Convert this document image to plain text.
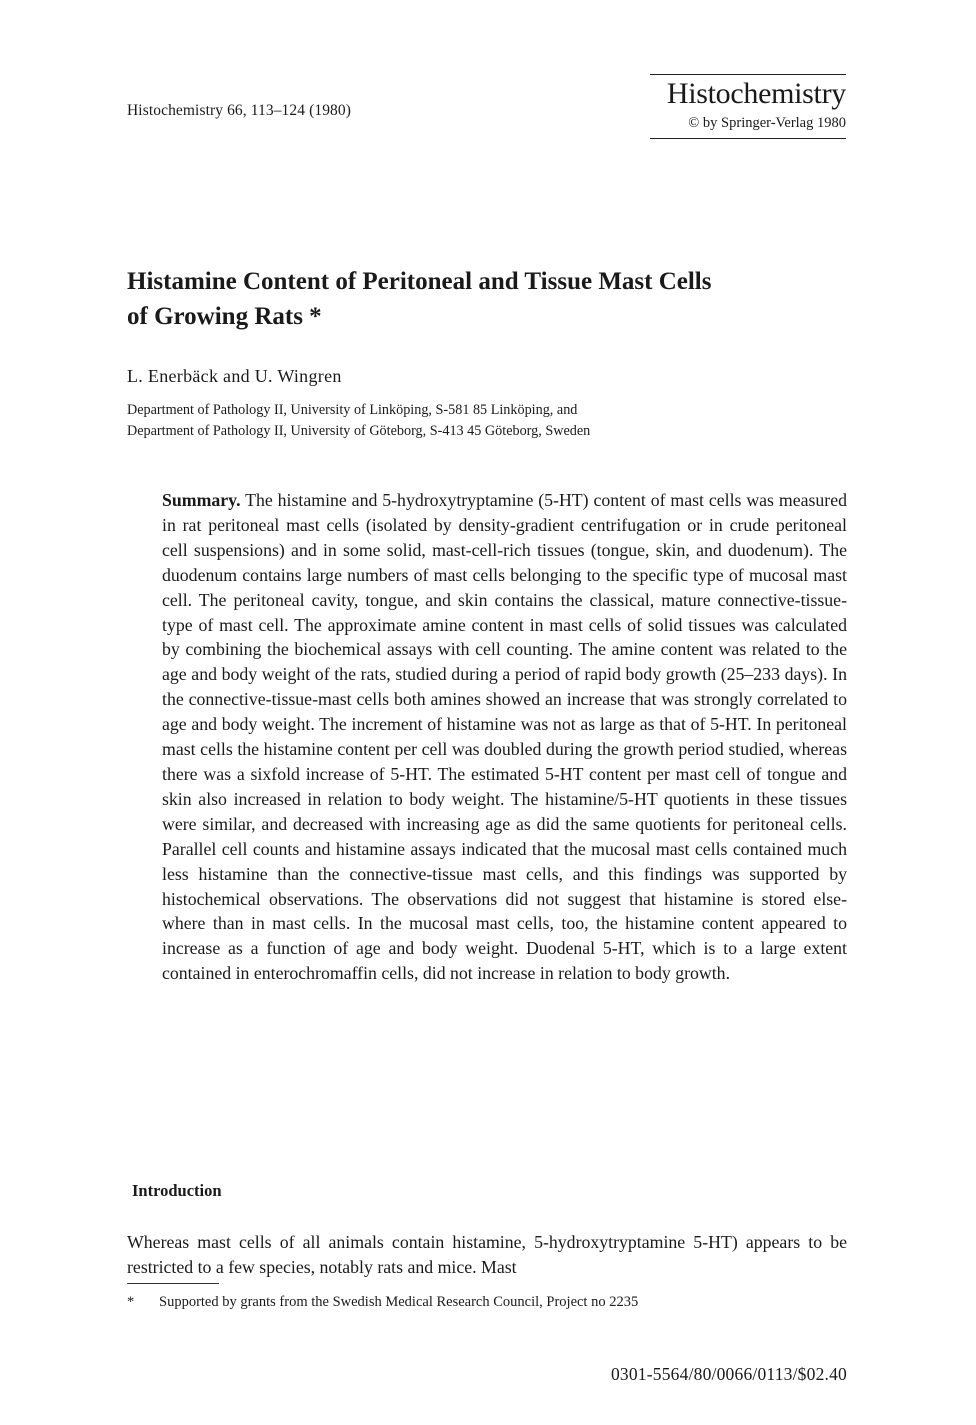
Histochemistry 66, 113–124 (1980)
Histochemistry
© by Springer-Verlag 1980
Histamine Content of Peritoneal and Tissue Mast Cells
of Growing Rats *
L. Enerbäck and U. Wingren
Department of Pathology II, University of Linköping, S-581 85 Linköping, and
Department of Pathology II, University of Göteborg, S-413 45 Göteborg, Sweden

Summary. The histamine and 5-hydroxytryptamine (5-HT) content of mast cells was measured in rat peritoneal mast cells (isolated by density-gradient centrifugation or in crude peritoneal cell suspensions) and in some solid, mast-cell-rich tissues (tongue, skin, and duodenum). The duodenum contains large numbers of mast cells belonging to the specific type of mucosal mast cell. The peritoneal cavity, tongue, and skin contains the classical, mature connective-tissue-type of mast cell. The approximate amine content in mast cells of solid tissues was calculated by combining the biochemical assays with cell counting. The amine content was related to the age and body weight of the rats, studied during a period of rapid body growth (25–233 days). In the connective-tissue-mast cells both amines showed an increase that was strongly correlated to age and body weight. The increment of histamine was not as large as that of 5-HT. In peritoneal mast cells the histamine content per cell was doubled during the growth period studied, whereas there was a sixfold increase of 5-HT. The estimated 5-HT content per mast cell of tongue and skin also increased in relation to body weight. The histamine/5-HT quotients in these tissues were similar, and decreased with increasing age as did the same quotients for peritoneal cells. Parallel cell counts and histamine assays indicated that the mucosal mast cells contained much less histamine than the connective-tissue mast cells, and this findings was supported by histochemical observations. The observations did not suggest that histamine is stored else-where than in mast cells. In the mucosal mast cells, too, the histamine content appeared to increase as a function of age and body weight. Duodenal 5-HT, which is to a large extent contained in enterochromaffin cells, did not increase in relation to body growth.

Introduction

Whereas mast cells of all animals contain histamine, 5-hydroxytryptamine 5-HT) appears to be restricted to a few species, notably rats and mice. Mast

* Supported by grants from the Swedish Medical Research Council, Project no 2235
0301-5564/80/0066/0113/$02.40
